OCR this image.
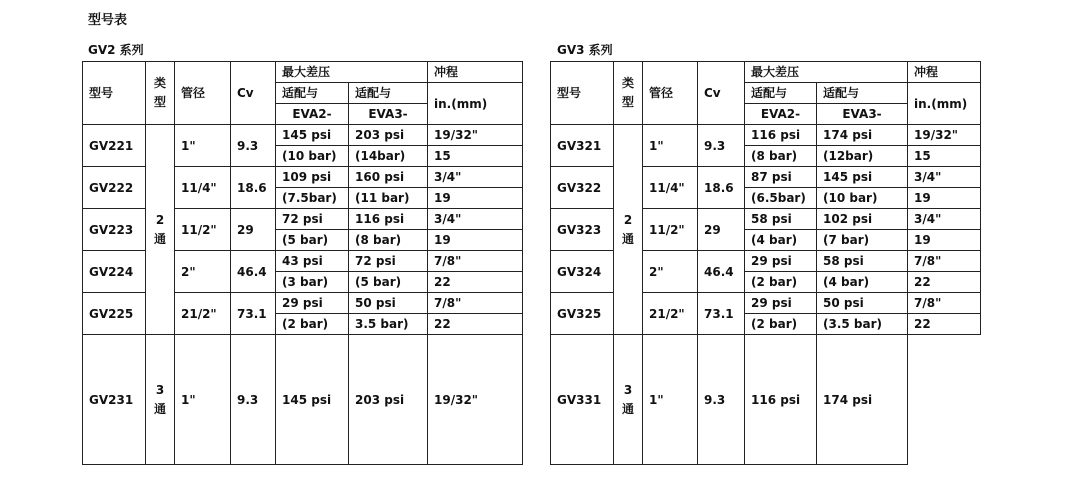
型号表
GV2 系列	GV3 系列
型号	类型	管径	Cv	最大差压	冲程
适配与	适配与	in.(mm)
EVA2-	EVA3-
GV221	2通	1"	9.3	145 psi	203 psi	19/32"
(10 bar)	(14bar)	15
GV222	11/4"	18.6	109 psi	160 psi	3/4"
(7.5bar)	(11 bar)	19
GV223	11/2"	29	72 psi	116 psi	3/4"
(5 bar)	(8 bar)	19
GV224	2"	46.4	43 psi	72 psi	7/8"
(3 bar)	(5 bar)	22
GV225	21/2"	73.1	29 psi	50 psi	7/8"
(2 bar)	3.5 bar)	22
GV231	3通	1"	9.3	145 psi	203 psi	19/32"
型号	类型	管径	Cv	最大差压	冲程
适配与	适配与	in.(mm)
EVA2-	EVA3-
GV321	2通	1"	9.3	116 psi	174 psi	19/32"
(8 bar)	(12bar)	15
GV322	11/4"	18.6	87 psi	145 psi	3/4"
(6.5bar)	(10 bar)	19
GV323	11/2"	29	58 psi	102 psi	3/4"
(4 bar)	(7 bar)	19
GV324	2"	46.4	29 psi	58 psi	7/8"
(2 bar)	(4 bar)	22
GV325	21/2"	73.1	29 psi	50 psi	7/8"
(2 bar)	(3.5 bar)	22
GV331	3通	1"	9.3	116 psi	174 psi	
